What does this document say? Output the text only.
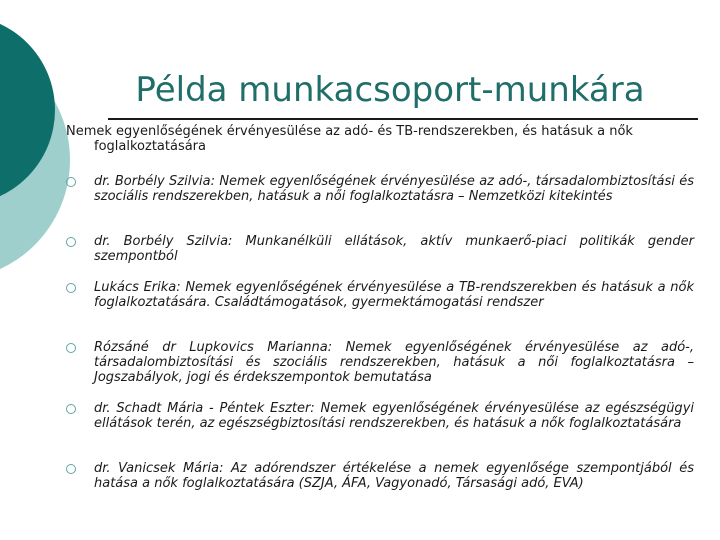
Példa munkacsoport-munkára
Nemek egyenlőségének érvényesülése az adó- és TB-rendszerekben, és hatásuk a nők foglalkoztatására
dr. Borbély Szilvia: Nemek egyenlőségének érvényesülése az adó-, társadalombiztosítási és szociális rendszerekben, hatásuk a női foglalkoztatásra – Nemzetközi kitekintés
dr. Borbély Szilvia: Munkanélküli ellátások, aktív munkaerő-piaci politikák gender szempontból
Lukács Erika: Nemek egyenlőségének érvényesülése a TB-rendszerekben és hatásuk a nők foglalkoztatására. Családtámogatások, gyermektámogatási rendszer
Rózsáné dr Lupkovics Marianna: Nemek egyenlőségének érvényesülése az adó-, társadalombiztosítási és szociális rendszerekben, hatásuk a női foglalkoztatásra – Jogszabályok, jogi és érdekszempontok bemutatása
dr. Schadt Mária - Péntek Eszter: Nemek egyenlőségének érvényesülése az egészségügyi ellátások terén, az egészségbiztosítási rendszerekben, és hatásuk a nők foglalkoztatására
dr. Vanicsek Mária: Az adórendszer értékelése a nemek egyenlősége szempontjából és hatása a nők foglalkoztatására (SZJA, ÁFA, Vagyonadó, Társasági adó, EVA)
